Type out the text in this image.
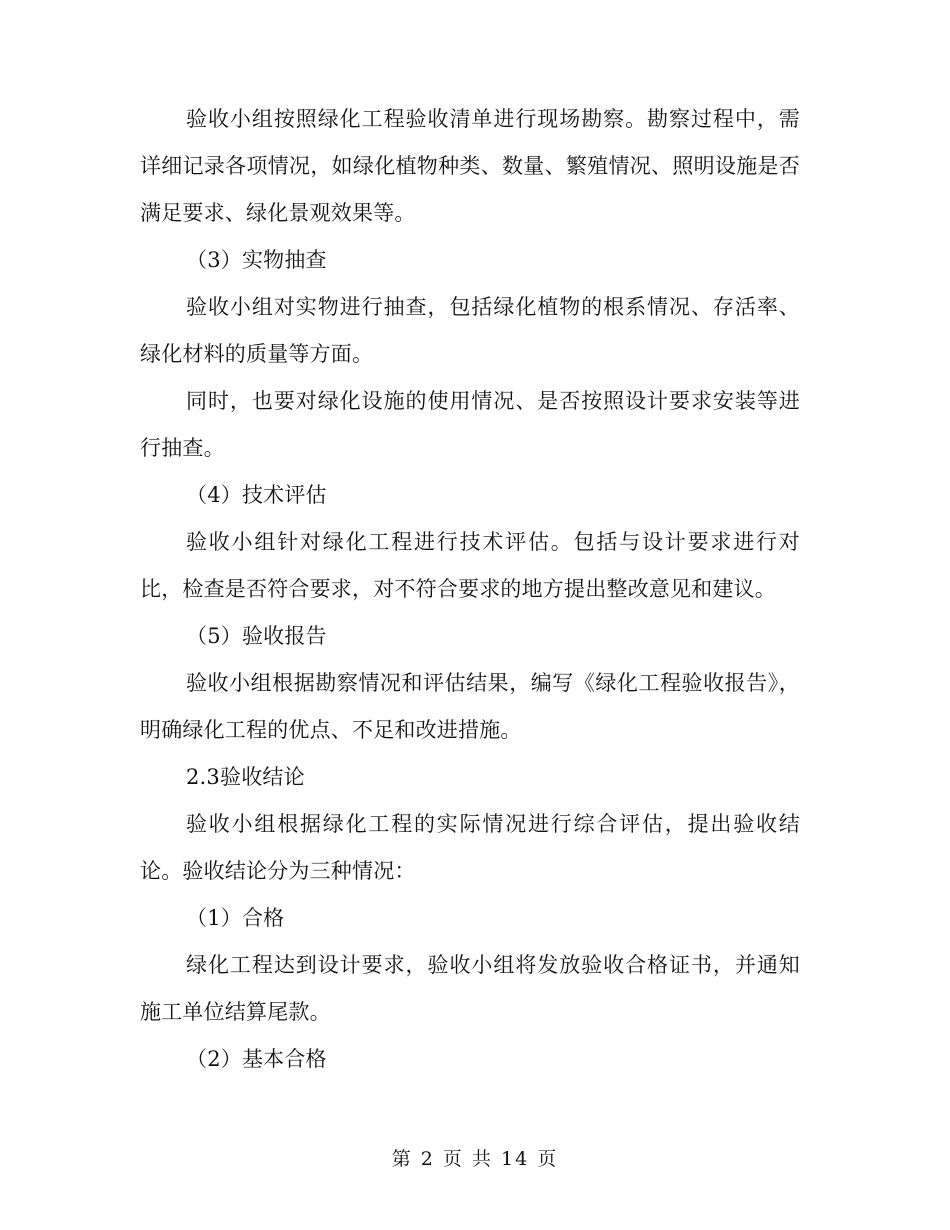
验收小组按照绿化工程验收清单进行现场勘察。勘察过程中，需详细记录各项情况，如绿化植物种类、数量、繁殖情况、照明设施是否满足要求、绿化景观效果等。

（3）实物抽查

验收小组对实物进行抽查，包括绿化植物的根系情况、存活率、绿化材料的质量等方面。

同时，也要对绿化设施的使用情况、是否按照设计要求安装等进行抽查。

（4）技术评估

验收小组针对绿化工程进行技术评估。包括与设计要求进行对比，检查是否符合要求，对不符合要求的地方提出整改意见和建议。

（5）验收报告

验收小组根据勘察情况和评估结果，编写《绿化工程验收报告》，明确绿化工程的优点、不足和改进措施。

2.3验收结论

验收小组根据绿化工程的实际情况进行综合评估，提出验收结论。验收结论分为三种情况：

（1）合格

绿化工程达到设计要求，验收小组将发放验收合格证书，并通知施工单位结算尾款。

（2）基本合格

第 2 页 共 14 页
